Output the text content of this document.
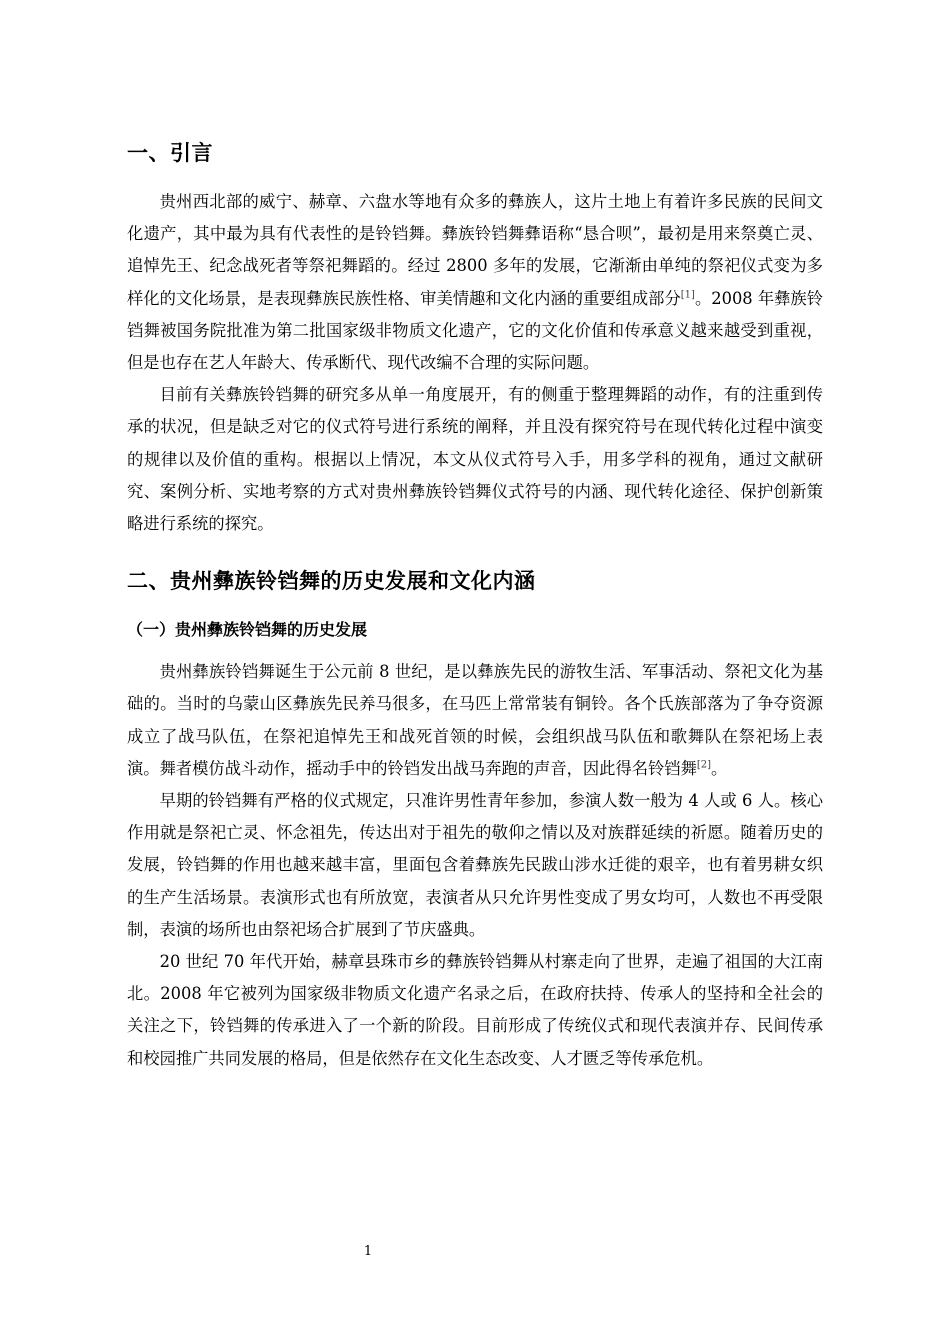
一、引言

贵州西北部的威宁、赫章、六盘水等地有众多的彝族人，这片土地上有着许多民族的民间文化遗产，其中最为具有代表性的是铃铛舞。彝族铃铛舞彝语称“恳合呗”，最初是用来祭奠亡灵、追悼先王、纪念战死者等祭祀舞蹈的。经过 2800 多年的发展，它渐渐由单纯的祭祀仪式变为多样化的文化场景，是表现彝族民族性格、审美情趣和文化内涵的重要组成部分[1]。2008 年彝族铃铛舞被国务院批准为第二批国家级非物质文化遗产，它的文化价值和传承意义越来越受到重视，但是也存在艺人年龄大、传承断代、现代改编不合理的实际问题。

目前有关彝族铃铛舞的研究多从单一角度展开，有的侧重于整理舞蹈的动作，有的注重到传承的状况，但是缺乏对它的仪式符号进行系统的阐释，并且没有探究符号在现代转化过程中演变的规律以及价值的重构。根据以上情况，本文从仪式符号入手，用多学科的视角，通过文献研究、案例分析、实地考察的方式对贵州彝族铃铛舞仪式符号的内涵、现代转化途径、保护创新策略进行系统的探究。

二、贵州彝族铃铛舞的历史发展和文化内涵
（一）贵州彝族铃铛舞的历史发展

贵州彝族铃铛舞诞生于公元前 8 世纪，是以彝族先民的游牧生活、军事活动、祭祀文化为基础的。当时的乌蒙山区彝族先民养马很多，在马匹上常常装有铜铃。各个氏族部落为了争夺资源成立了战马队伍，在祭祀追悼先王和战死首领的时候，会组织战马队伍和歌舞队在祭祀场上表演。舞者模仿战斗动作，摇动手中的铃铛发出战马奔跑的声音，因此得名铃铛舞[2]。

早期的铃铛舞有严格的仪式规定，只准许男性青年参加，参演人数一般为 4 人或 6 人。核心作用就是祭祀亡灵、怀念祖先，传达出对于祖先的敬仰之情以及对族群延续的祈愿。随着历史的发展，铃铛舞的作用也越来越丰富，里面包含着彝族先民跋山涉水迁徙的艰辛，也有着男耕女织的生产生活场景。表演形式也有所放宽，表演者从只允许男性变成了男女均可，人数也不再受限制，表演的场所也由祭祀场合扩展到了节庆盛典。

20 世纪 70 年代开始，赫章县珠市乡的彝族铃铛舞从村寨走向了世界，走遍了祖国的大江南北。2008 年它被列为国家级非物质文化遗产名录之后，在政府扶持、传承人的坚持和全社会的关注之下，铃铛舞的传承进入了一个新的阶段。目前形成了传统仪式和现代表演并存、民间传承和校园推广共同发展的格局，但是依然存在文化生态改变、人才匮乏等传承危机。

1
